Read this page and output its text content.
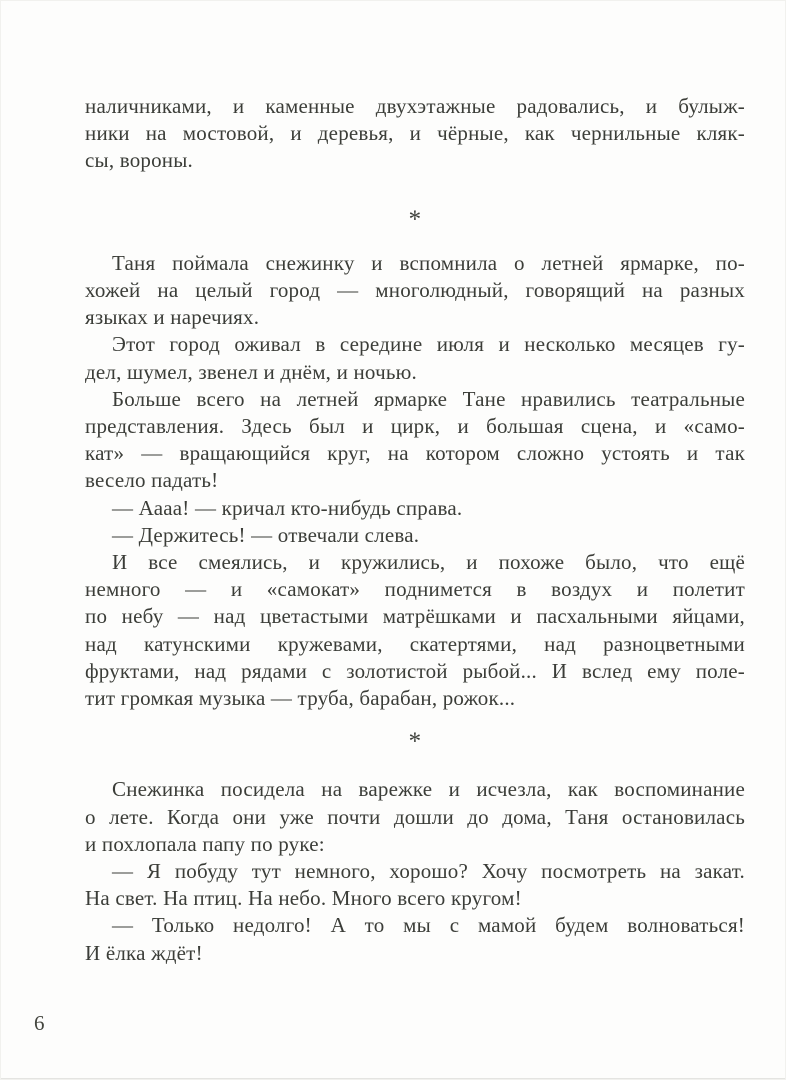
наличниками, и каменные двухэтажные радовались, и булыж-
ники на мостовой, и деревья, и чёрные, как чернильные кляк-
сы, вороны.

*

Таня поймала снежинку и вспомнила о летней ярмарке, по-
хожей на целый город — многолюдный, говорящий на разных
языках и наречиях.

Этот город оживал в середине июля и несколько месяцев гу-
дел, шумел, звенел и днём, и ночью.

Больше всего на летней ярмарке Тане нравились театральные
представления. Здесь был и цирк, и большая сцена, и «само-
кат» — вращающийся круг, на котором сложно устоять и так
весело падать!

— Аааа! — кричал кто-нибудь справа.

— Держитесь! — отвечали слева.

И все смеялись, и кружились, и похоже было, что ещё
немного — и «самокат» поднимется в воздух и полетит
по небу — над цветастыми матрёшками и пасхальными яйцами,
над катунскими кружевами, скатертями, над разноцветными
фруктами, над рядами с золотистой рыбой... И вслед ему поле-
тит громкая музыка — труба, барабан, рожок...

*

Снежинка посидела на варежке и исчезла, как воспоминание
о лете. Когда они уже почти дошли до дома, Таня остановилась
и похлопала папу по руке:

— Я побуду тут немного, хорошо? Хочу посмотреть на закат.
На свет. На птиц. На небо. Много всего кругом!

— Только недолго! А то мы с мамой будем волноваться!
И ёлка ждёт!

6
